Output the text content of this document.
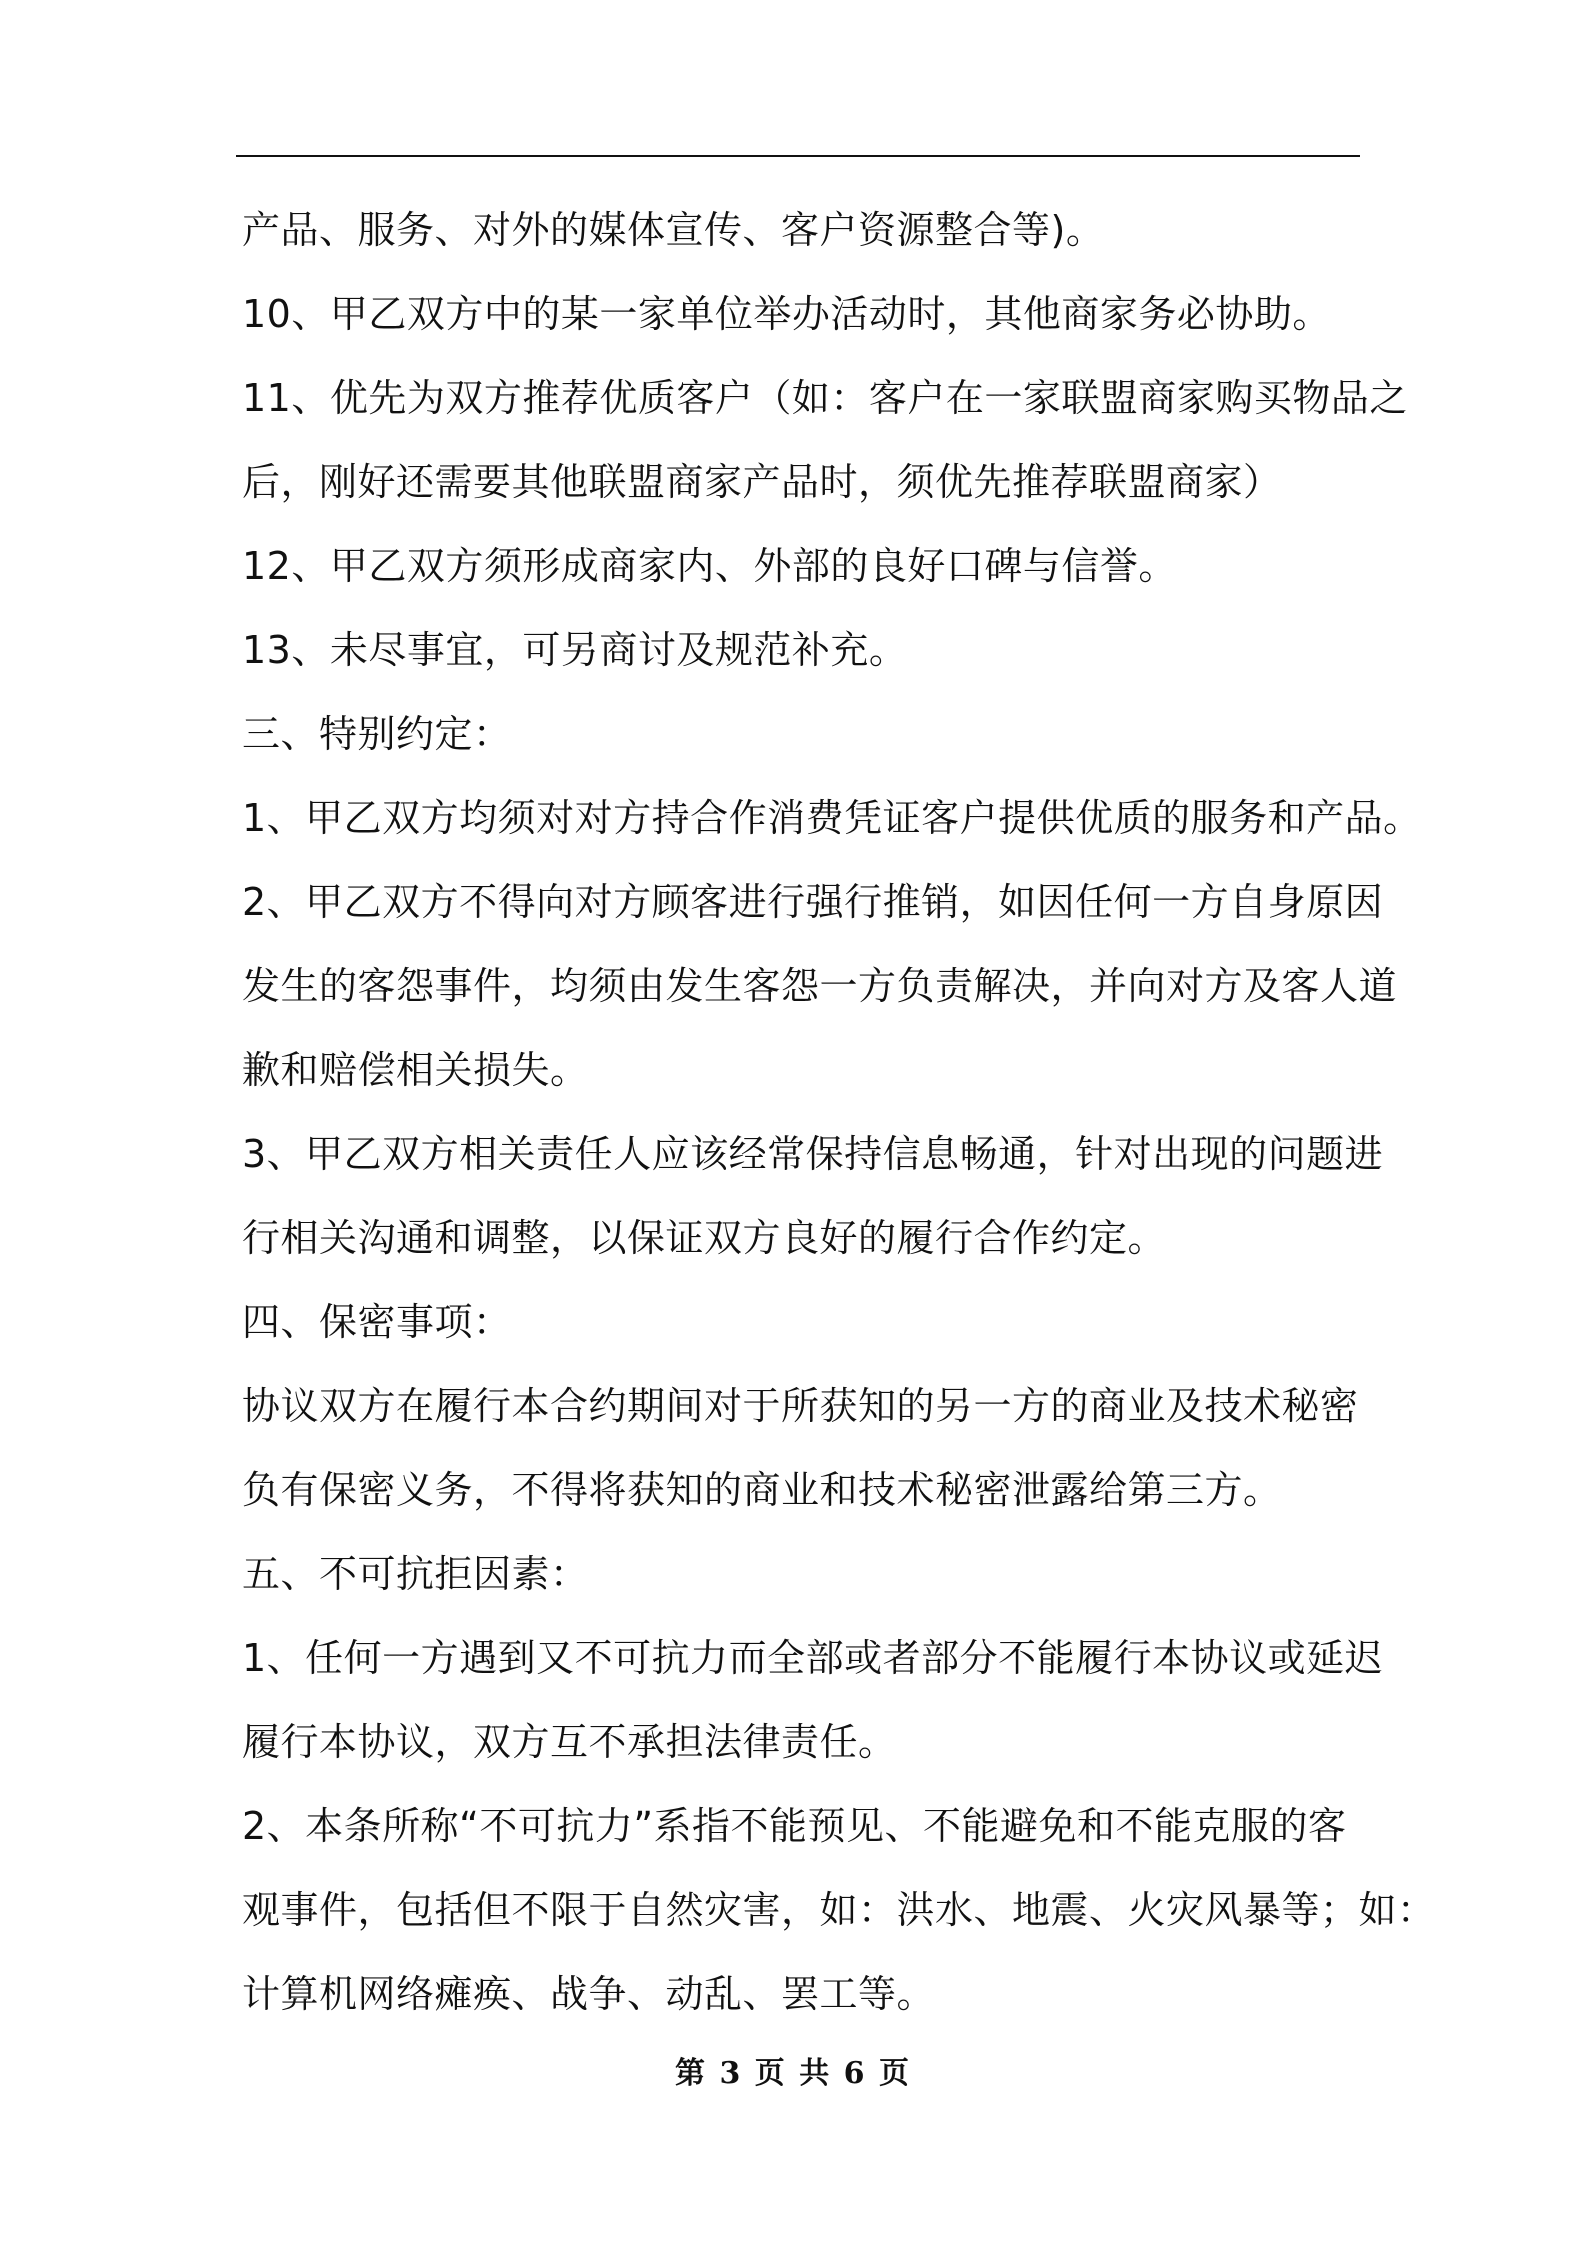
产品、服务、对外的媒体宣传、客户资源整合等)。
10、甲乙双方中的某一家单位举办活动时，其他商家务必协助。
11、优先为双方推荐优质客户（如：客户在一家联盟商家购买物品之
后，刚好还需要其他联盟商家产品时，须优先推荐联盟商家）
12、甲乙双方须形成商家内、外部的良好口碑与信誉。
13、未尽事宜，可另商讨及规范补充。
三、特别约定：
1、甲乙双方均须对对方持合作消费凭证客户提供优质的服务和产品。
2、甲乙双方不得向对方顾客进行强行推销，如因任何一方自身原因
发生的客怨事件，均须由发生客怨一方负责解决，并向对方及客人道
歉和赔偿相关损失。
3、甲乙双方相关责任人应该经常保持信息畅通，针对出现的问题进
行相关沟通和调整，以保证双方良好的履行合作约定。
四、保密事项：
协议双方在履行本合约期间对于所获知的另一方的商业及技术秘密
负有保密义务，不得将获知的商业和技术秘密泄露给第三方。
五、不可抗拒因素：
1、任何一方遇到又不可抗力而全部或者部分不能履行本协议或延迟
履行本协议，双方互不承担法律责任。
2、本条所称“不可抗力”系指不能预见、不能避免和不能克服的客
观事件，包括但不限于自然灾害，如：洪水、地震、火灾风暴等；如：
计算机网络瘫痪、战争、动乱、罢工等。
第 3 页 共 6 页
